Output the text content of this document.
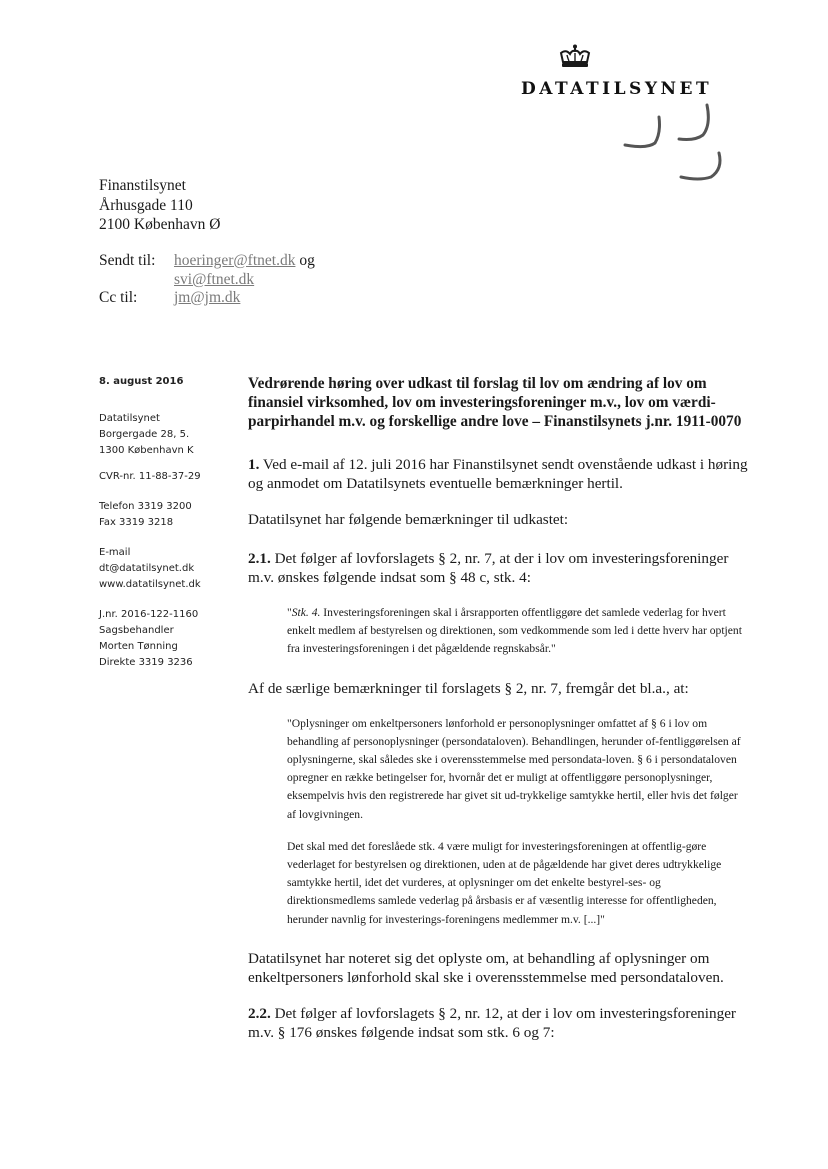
DATATILSYNET
Finanstilsynet
Århusgade 110
2100 København Ø
Sendt til: hoeringer@ftnet.dk og
svi@ftnet.dk
Cc til: jm@jm.dk
8. august 2016
Datatilsynet
Borgergade 28, 5.
1300 København K
CVR-nr. 11-88-37-29
Telefon 3319 3200
Fax 3319 3218
E-mail
dt@datatilsynet.dk
www.datatilsynet.dk
J.nr. 2016-122-1160
Sagsbehandler
Morten Tønning
Direkte 3319 3236
Vedrørende høring over udkast til forslag til lov om ændring af lov om finansiel virksomhed, lov om investeringsforeninger m.v., lov om værdi-parpirhandel m.v. og forskellige andre love – Finanstilsynets j.nr. 1911-0070

1. Ved e-mail af 12. juli 2016 har Finanstilsynet sendt ovenstående udkast i høring og anmodet om Datatilsynets eventuelle bemærkninger hertil.

Datatilsynet har følgende bemærkninger til udkastet:

2.1. Det følger af lovforslagets § 2, nr. 7, at der i lov om investeringsforeninger m.v. ønskes følgende indsat som § 48 c, stk. 4:

"Stk. 4. Investeringsforeningen skal i årsrapporten offentliggøre det samlede vederlag for hvert enkelt medlem af bestyrelsen og direktionen, som vedkommende som led i dette hverv har optjent fra investeringsforeningen i det pågældende regnskabsår."

Af de særlige bemærkninger til forslagets § 2, nr. 7, fremgår det bl.a., at:

"Oplysninger om enkeltpersoners lønforhold er personoplysninger omfattet af § 6 i lov om behandling af personoplysninger (persondataloven). Behandlingen, herunder of-fentliggørelsen af oplysningerne, skal således ske i overensstemmelse med persondata-loven. § 6 i persondataloven opregner en række betingelser for, hvornår det er muligt at offentliggøre personoplysninger, eksempelvis hvis den registrerede har givet sit ud-trykkelige samtykke hertil, eller hvis det følger af lovgivningen.
Det skal med det foreslåede stk. 4 være muligt for investeringsforeningen at offentlig-gøre vederlaget for bestyrelsen og direktionen, uden at de pågældende har givet deres udtrykkelige samtykke hertil, idet det vurderes, at oplysninger om det enkelte bestyrel-ses- og direktionsmedlems samlede vederlag på årsbasis er af væsentlig interesse for offentligheden, herunder navnlig for investerings-foreningens medlemmer m.v. [...]"

Datatilsynet har noteret sig det oplyste om, at behandling af oplysninger om enkeltpersoners lønforhold skal ske i overensstemmelse med persondataloven.

2.2. Det følger af lovforslagets § 2, nr. 12, at der i lov om investeringsforeninger m.v. § 176 ønskes følgende indsat som stk. 6 og 7:
